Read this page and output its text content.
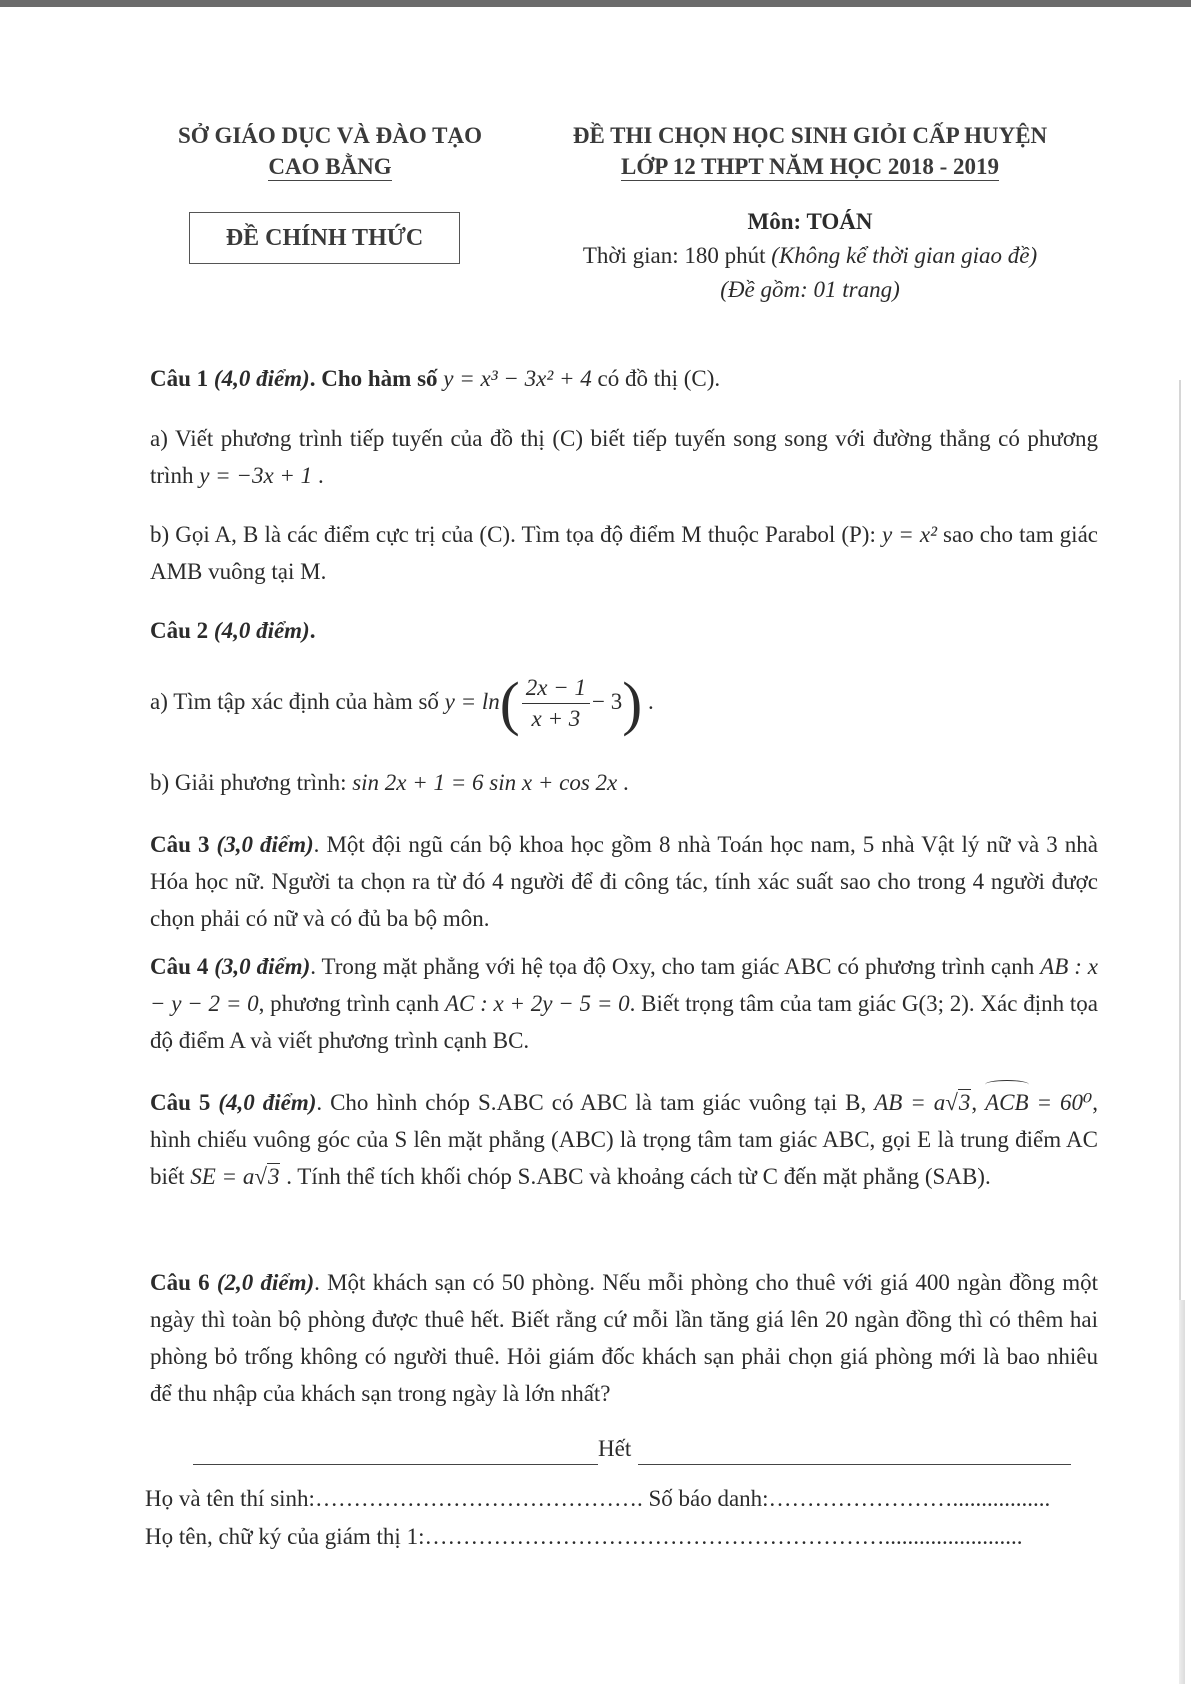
SỞ GIÁO DỤC VÀ ĐÀO TẠO
CAO BẰNG
ĐỀ THI CHỌN HỌC SINH GIỎI CẤP HUYỆN
LỚP 12 THPT NĂM HỌC 2018 - 2019
ĐỀ CHÍNH THỨC
Môn: TOÁN
Thời gian: 180 phút (Không kể thời gian giao đề)
(Đề gồm: 01 trang)
Câu 1 (4,0 điểm). Cho hàm số y = x³ − 3x² + 4 có đồ thị (C).
a) Viết phương trình tiếp tuyến của đồ thị (C) biết tiếp tuyến song song với đường thẳng có phương trình y = −3x + 1 .
b) Gọi A, B là các điểm cực trị của (C). Tìm tọa độ điểm M thuộc Parabol (P): y = x² sao cho tam giác AMB vuông tại M.
Câu 2 (4,0 điểm).
a) Tìm tập xác định của hàm số $y = \ln( \frac{2x - 1}{x + 3} - 3)$ .
b) Giải phương trình: sin 2x + 1 = 6 sin x + cos 2x .
Câu 3 (3,0 điểm). Một đội ngũ cán bộ khoa học gồm 8 nhà Toán học nam, 5 nhà Vật lý nữ và 3 nhà Hóa học nữ. Người ta chọn ra từ đó 4 người để đi công tác, tính xác suất sao cho trong 4 người được chọn phải có nữ và có đủ ba bộ môn.
Câu 4 (3,0 điểm). Trong mặt phẳng với hệ tọa độ Oxy, cho tam giác ABC có phương trình cạnh AB : x − y − 2 = 0, phương trình cạnh AC : x + 2y − 5 = 0. Biết trọng tâm của tam giác G(3; 2). Xác định tọa độ điểm A và viết phương trình cạnh BC.
Câu 5 (4,0 điểm). Cho hình chóp S.ABC có ABC là tam giác vuông tại B, AB = a√3, ACB = 60⁰, hình chiếu vuông góc của S lên mặt phẳng (ABC) là trọng tâm tam giác ABC, gọi E là trung điểm AC biết SE = a√3 . Tính thể tích khối chóp S.ABC và khoảng cách từ C đến mặt phẳng (SAB).
Câu 6 (2,0 điểm). Một khách sạn có 50 phòng. Nếu mỗi phòng cho thuê với giá 400 ngàn đồng một ngày thì toàn bộ phòng được thuê hết. Biết rằng cứ mỗi lần tăng giá lên 20 ngàn đồng thì có thêm hai phòng bỏ trống không có người thuê. Hỏi giám đốc khách sạn phải chọn giá phòng mới là bao nhiêu để thu nhập của khách sạn trong ngày là lớn nhất?
Hết
Họ và tên thí sinh:……………………………………. Số báo danh:…………………….................
Họ tên, chữ ký của giám thị 1:……………………………………………………........................
